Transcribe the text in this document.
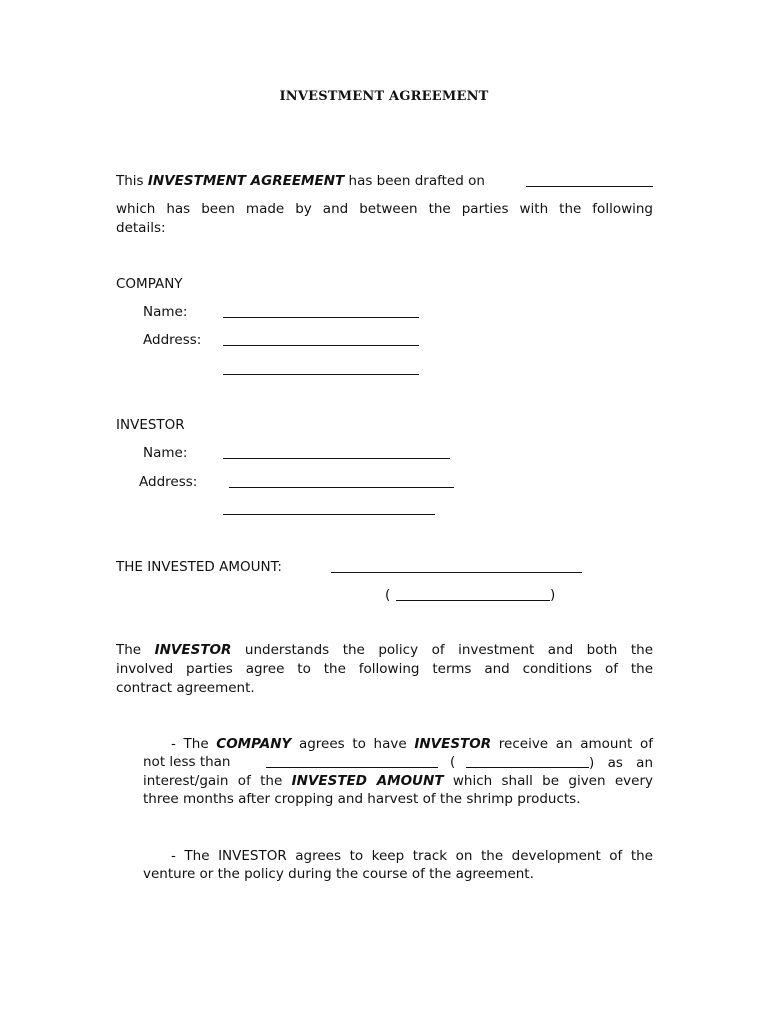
INVESTMENT AGREEMENT
This INVESTMENT AGREEMENT has been drafted on
which has been made by and between the parties with the following
details:
COMPANY
Name:
Address:
INVESTOR
Name:
Address:
THE INVESTED AMOUNT:
(	)
The INVESTOR understands the policy of investment and both the
involved parties agree to the following terms and conditions of the
contract agreement.
- The COMPANY agrees to have INVESTOR receive an amount of
not less than	(	) as an
interest/gain of the INVESTED AMOUNT which shall be given every
three months after cropping and harvest of the shrimp products.
- The INVESTOR agrees to keep track on the development of the
venture or the policy during the course of the agreement.
